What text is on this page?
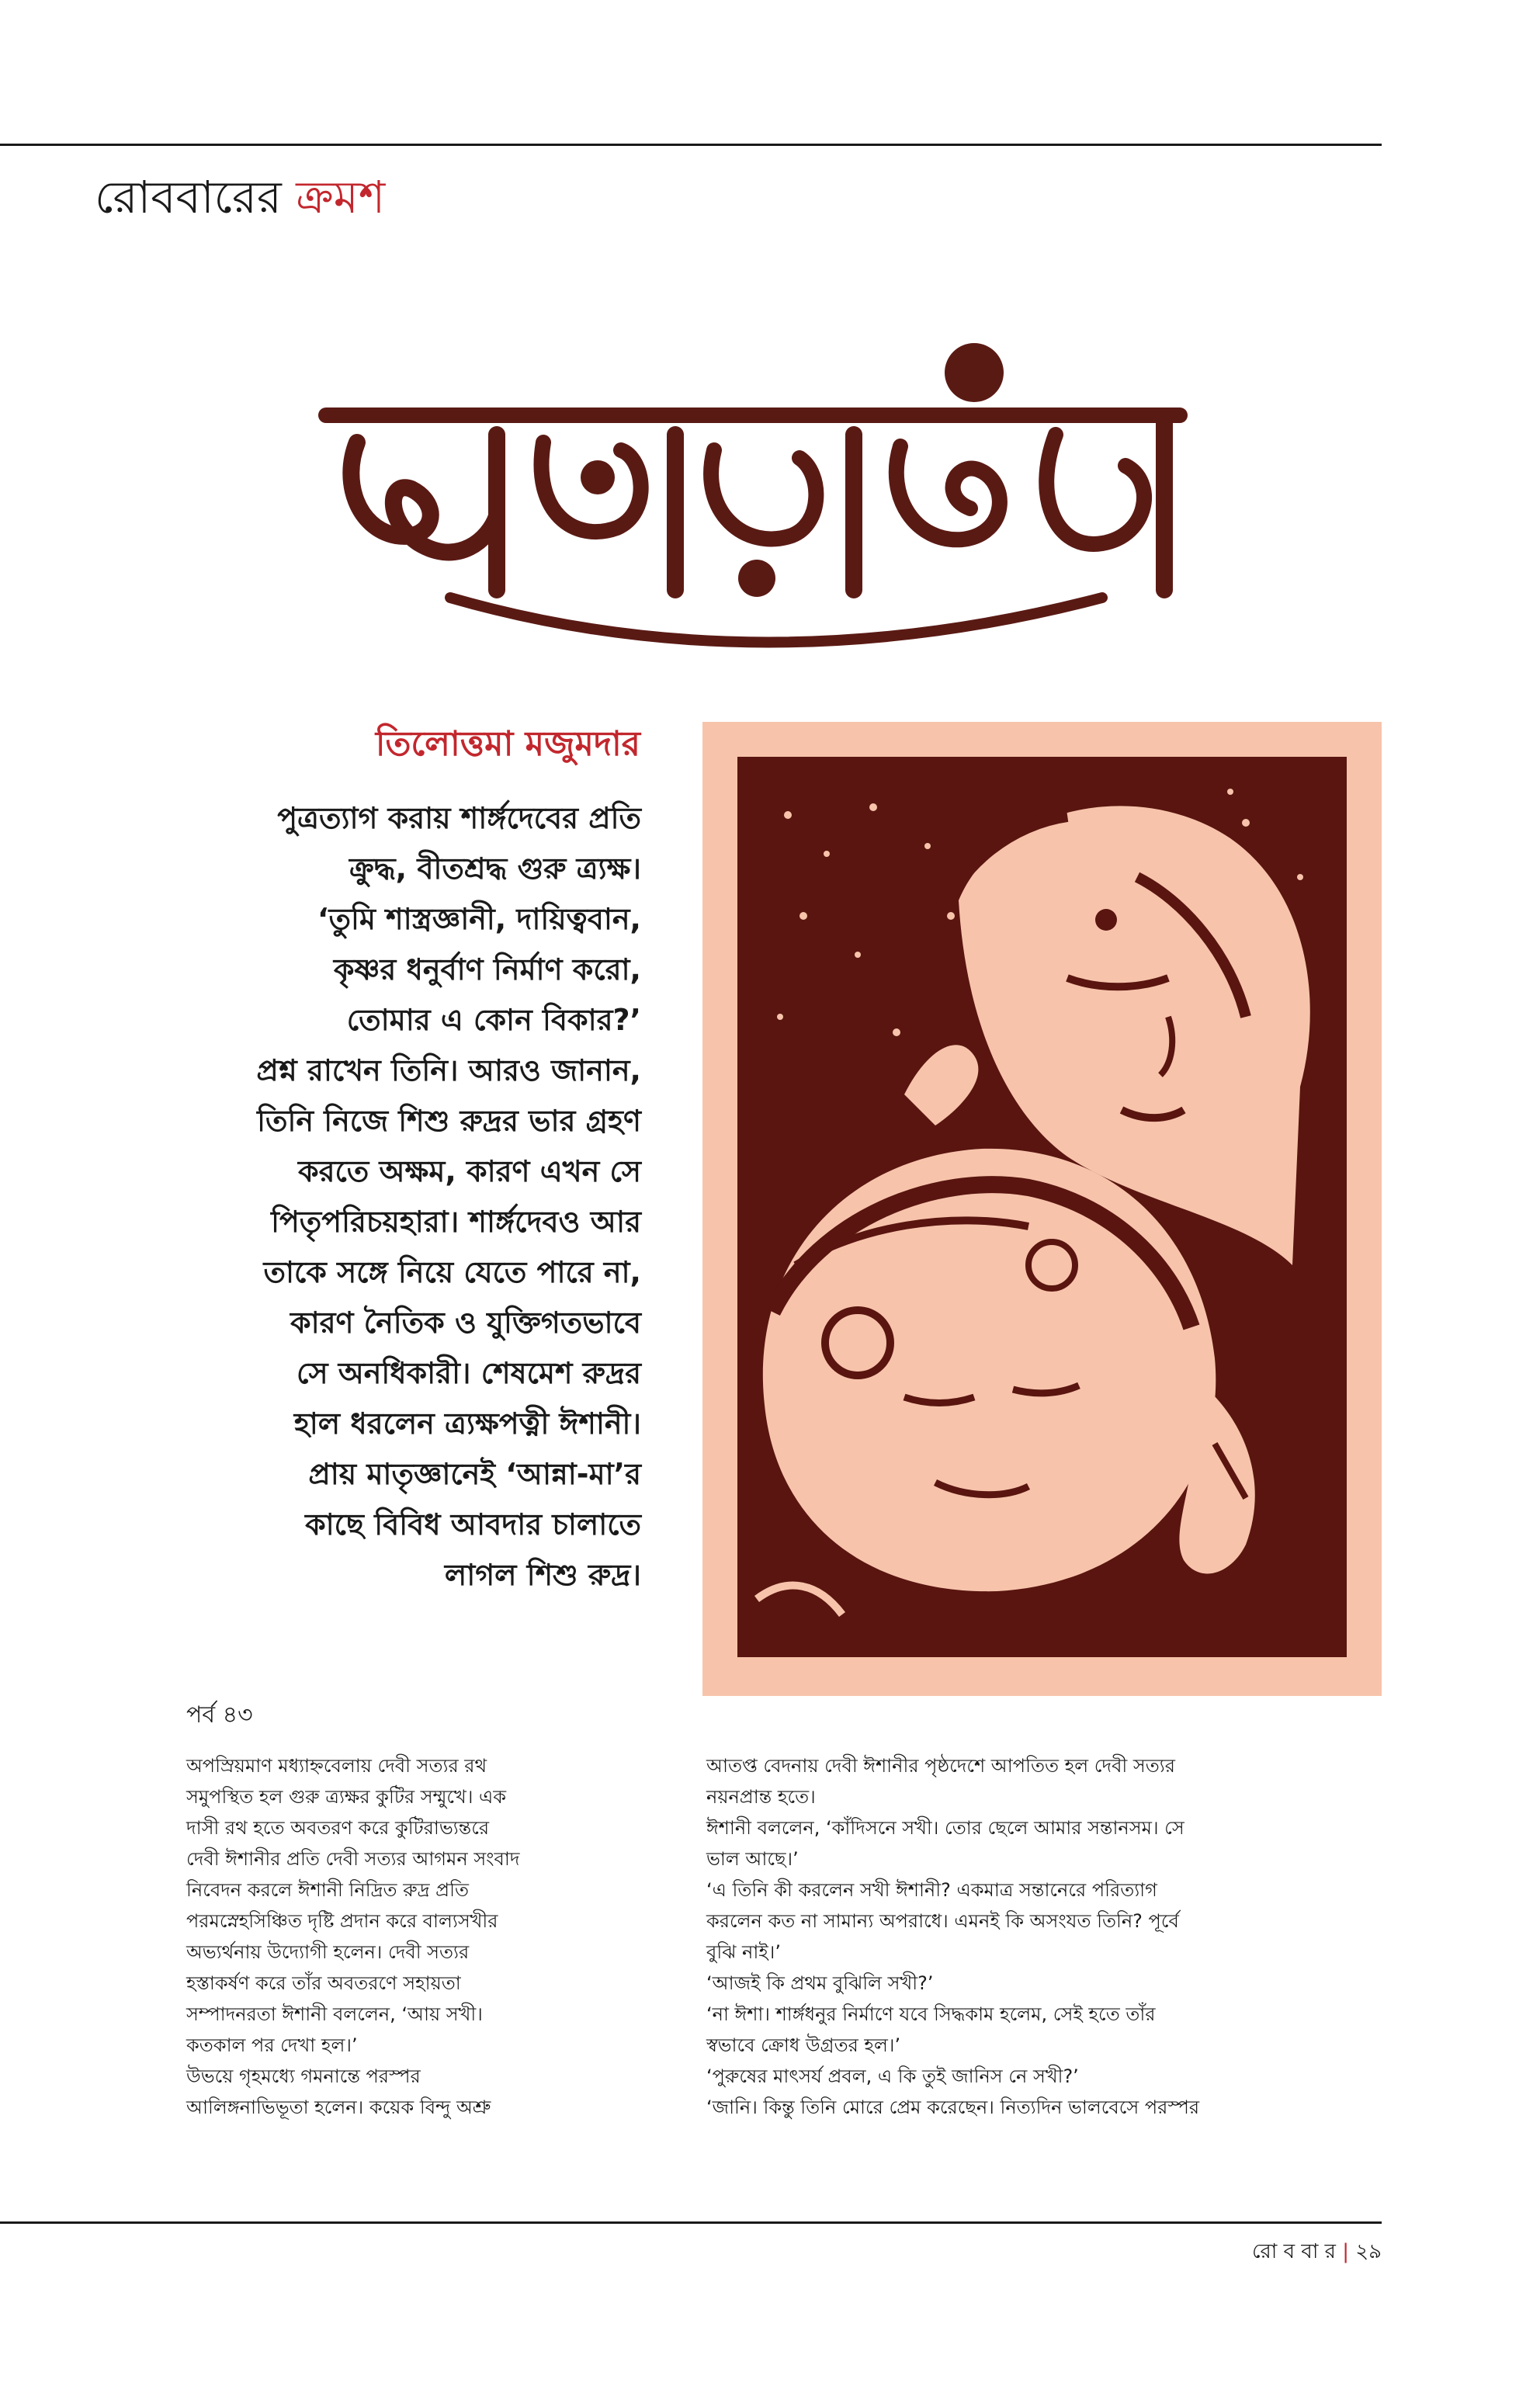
রোববারের ক্রমশ
তিলোত্তমা মজুমদার
পুত্রত্যাগ করায় শার্ঙ্গদেবের প্রতি
ক্রুদ্ধ, বীতশ্রদ্ধ গুরু ত্র্যক্ষ।
‘তুমি শাস্ত্রজ্ঞানী, দায়িত্ববান,
কৃষ্ণর ধনুর্বাণ নির্মাণ করো,
তোমার এ কোন বিকার?’
প্রশ্ন রাখেন তিনি। আরও জানান,
তিনি নিজে শিশু রুদ্রর ভার গ্রহণ
করতে অক্ষম, কারণ এখন সে
পিতৃপরিচয়হারা। শার্ঙ্গদেবও আর
তাকে সঙ্গে নিয়ে যেতে পারে না,
কারণ নৈতিক ও যুক্তিগতভাবে
সে অনধিকারী। শেষমেশ রুদ্রর
হাল ধরলেন ত্র্যক্ষপত্নী ঈশানী।
প্রায় মাতৃজ্ঞানেই ‘আন্না-মা’র
কাছে বিবিধ আবদার চালাতে
লাগল শিশু রুদ্র।
পর্ব ৪৩
অপস্রিয়মাণ মধ্যাহ্নবেলায় দেবী সত্যর রথ
সমুপস্থিত হল গুরু ত্র্যক্ষর কুটির সম্মুখে। এক
দাসী রথ হতে অবতরণ করে কুটিরাভ্যন্তরে
দেবী ঈশানীর প্রতি দেবী সত্যর আগমন সংবাদ
নিবেদন করলে ঈশানী নিদ্রিত রুদ্র প্রতি
পরমস্নেহসিঞ্চিত দৃষ্টি প্রদান করে বাল্যসখীর
অভ্যর্থনায় উদ্যোগী হলেন। দেবী সত্যর
হস্তাকর্ষণ করে তাঁর অবতরণে সহায়তা
সম্পাদনরতা ঈশানী বললেন, ‘আয় সখী।
কতকাল পর দেখা হল।’
উভয়ে গৃহমধ্যে গমনান্তে পরস্পর
আলিঙ্গনাভিভূতা হলেন। কয়েক বিন্দু অশ্রু
আতপ্ত বেদনায় দেবী ঈশানীর পৃষ্ঠদেশে আপতিত হল দেবী সত্যর
নয়নপ্রান্ত হতে।
ঈশানী বললেন, ‘কাঁদিসনে সখী। তোর ছেলে আমার সন্তানসম। সে
ভাল আছে।’
‘এ তিনি কী করলেন সখী ঈশানী? একমাত্র সন্তানেরে পরিত্যাগ
করলেন কত না সামান্য অপরাধে। এমনই কি অসংযত তিনি? পূর্বে
বুঝি নাই।’
‘আজই কি প্রথম বুঝিলি সখী?’
‘না ঈশা। শার্ঙ্গধনুর নির্মাণে যবে সিদ্ধকাম হলেম, সেই হতে তাঁর
স্বভাবে ক্রোধ উগ্রতর হল।’
‘পুরুষের মাৎসর্য প্রবল, এ কি তুই জানিস নে সখী?’
‘জানি। কিন্তু তিনি মোরে প্রেম করেছেন। নিত্যদিন ভালবেসে পরস্পর
রো ব বা র | ২৯
